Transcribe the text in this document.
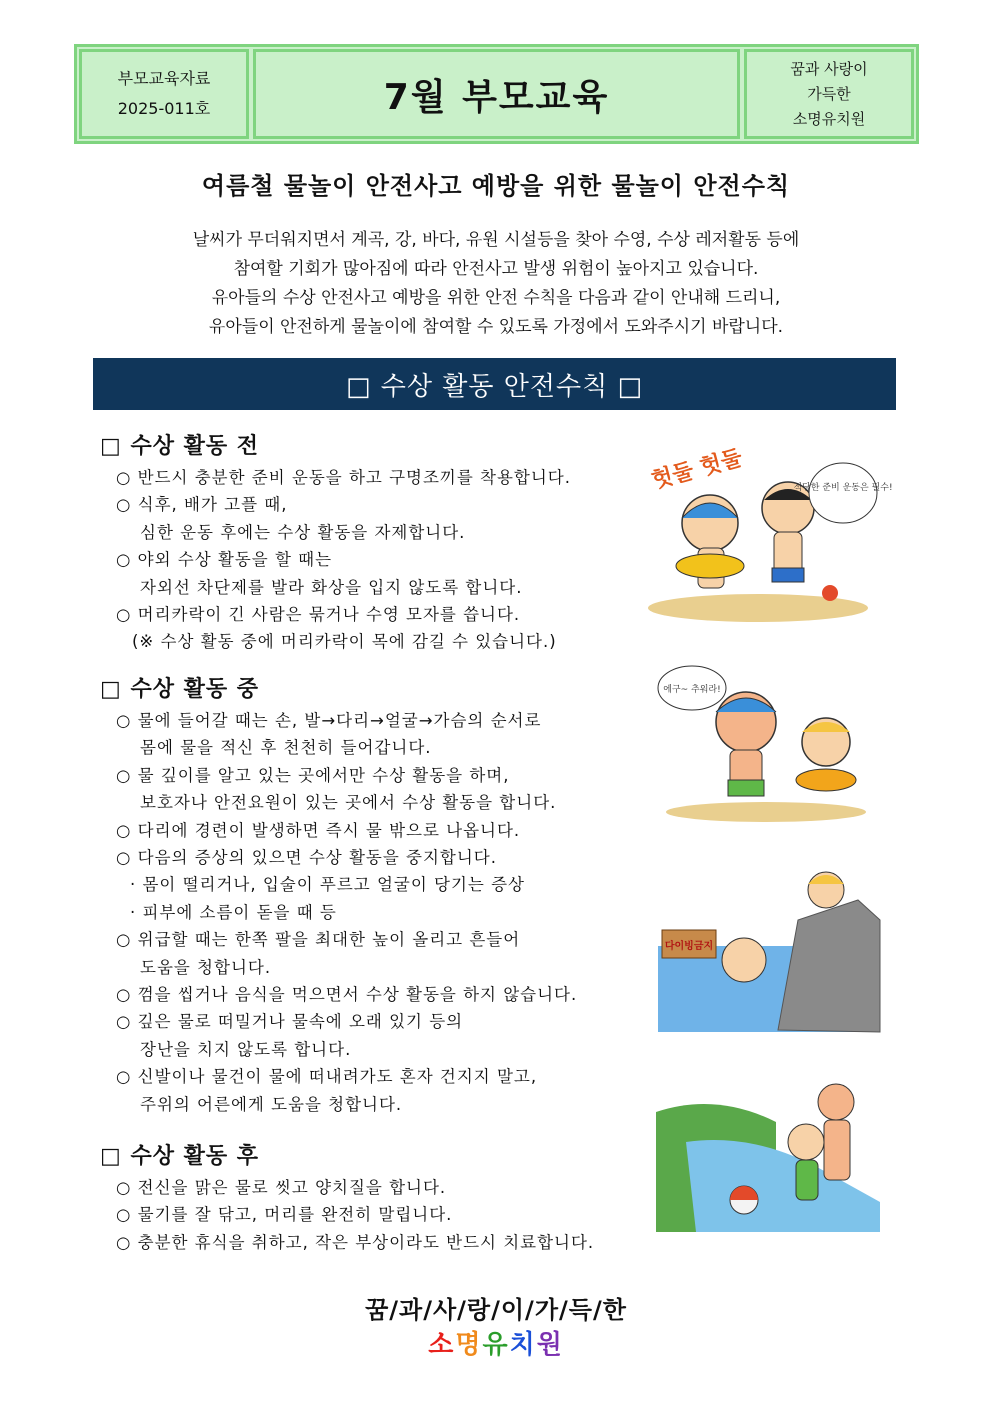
부모교육자료
2025-011호	7월 부모교육
꿈과 사랑이
가득한
소명유치원
여름철 물놀이 안전사고 예방을 위한 물놀이 안전수칙
날씨가 무더워지면서 계곡, 강, 바다, 유원 시설등을 찾아 수영, 수상 레저활동 등에
참여할 기회가 많아짐에 따라 안전사고 발생 위험이 높아지고 있습니다.
유아들의 수상 안전사고 예방을 위한 안전 수칙을 다음과 같이 안내해 드리니,
유아들이 안전하게 물놀이에 참여할 수 있도록 가정에서 도와주시기 바랍니다.
□ 수상 활동 안전수칙 □
□ 수상 활동 전
○ 반드시 충분한 준비 운동을 하고 구명조끼를 착용합니다.
○ 식후, 배가 고플 때,
심한 운동 후에는 수상 활동을 자제합니다.
○ 야외 수상 활동을 할 때는
자외선 차단제를 발라 화상을 입지 않도록 합니다.
○ 머리카락이 긴 사람은 묶거나 수영 모자를 씁니다.
(※ 수상 활동 중에 머리카락이 목에 감길 수 있습니다.)
□ 수상 활동 중
○ 물에 들어갈 때는 손, 발→다리→얼굴→가슴의 순서로
몸에 물을 적신 후 천천히 들어갑니다.
○ 물 깊이를 알고 있는 곳에서만 수상 활동을 하며,
보호자나 안전요원이 있는 곳에서 수상 활동을 합니다.
○ 다리에 경련이 발생하면 즉시 물 밖으로 나옵니다.
○ 다음의 증상의 있으면 수상 활동을 중지합니다.
· 몸이 떨리거나, 입술이 푸르고 얼굴이 당기는 증상
· 피부에 소름이 돋을 때 등
○ 위급할 때는 한쪽 팔을 최대한 높이 올리고 흔들어
도움을 청합니다.
○ 껌을 씹거나 음식을 먹으면서 수상 활동을 하지 않습니다.
○ 깊은 물로 떠밀거나 물속에 오래 있기 등의
장난을 치지 않도록 합니다.
○ 신발이나 물건이 물에 떠내려가도 혼자 건지지 말고,
주위의 어른에게 도움을 청합니다.
□ 수상 활동 후
○ 전신을 맑은 물로 씻고 양치질을 합니다.
○ 물기를 잘 닦고, 머리를 완전히 말립니다.
○ 충분한 휴식을 취하고, 작은 부상이라도 반드시 치료합니다.
헛둘 헛둘	적당한 준비 운동은 필수!
에구~ 추워라!
다이빙금지
꿈/과/사/랑/이/가/득/한
소명유치원
